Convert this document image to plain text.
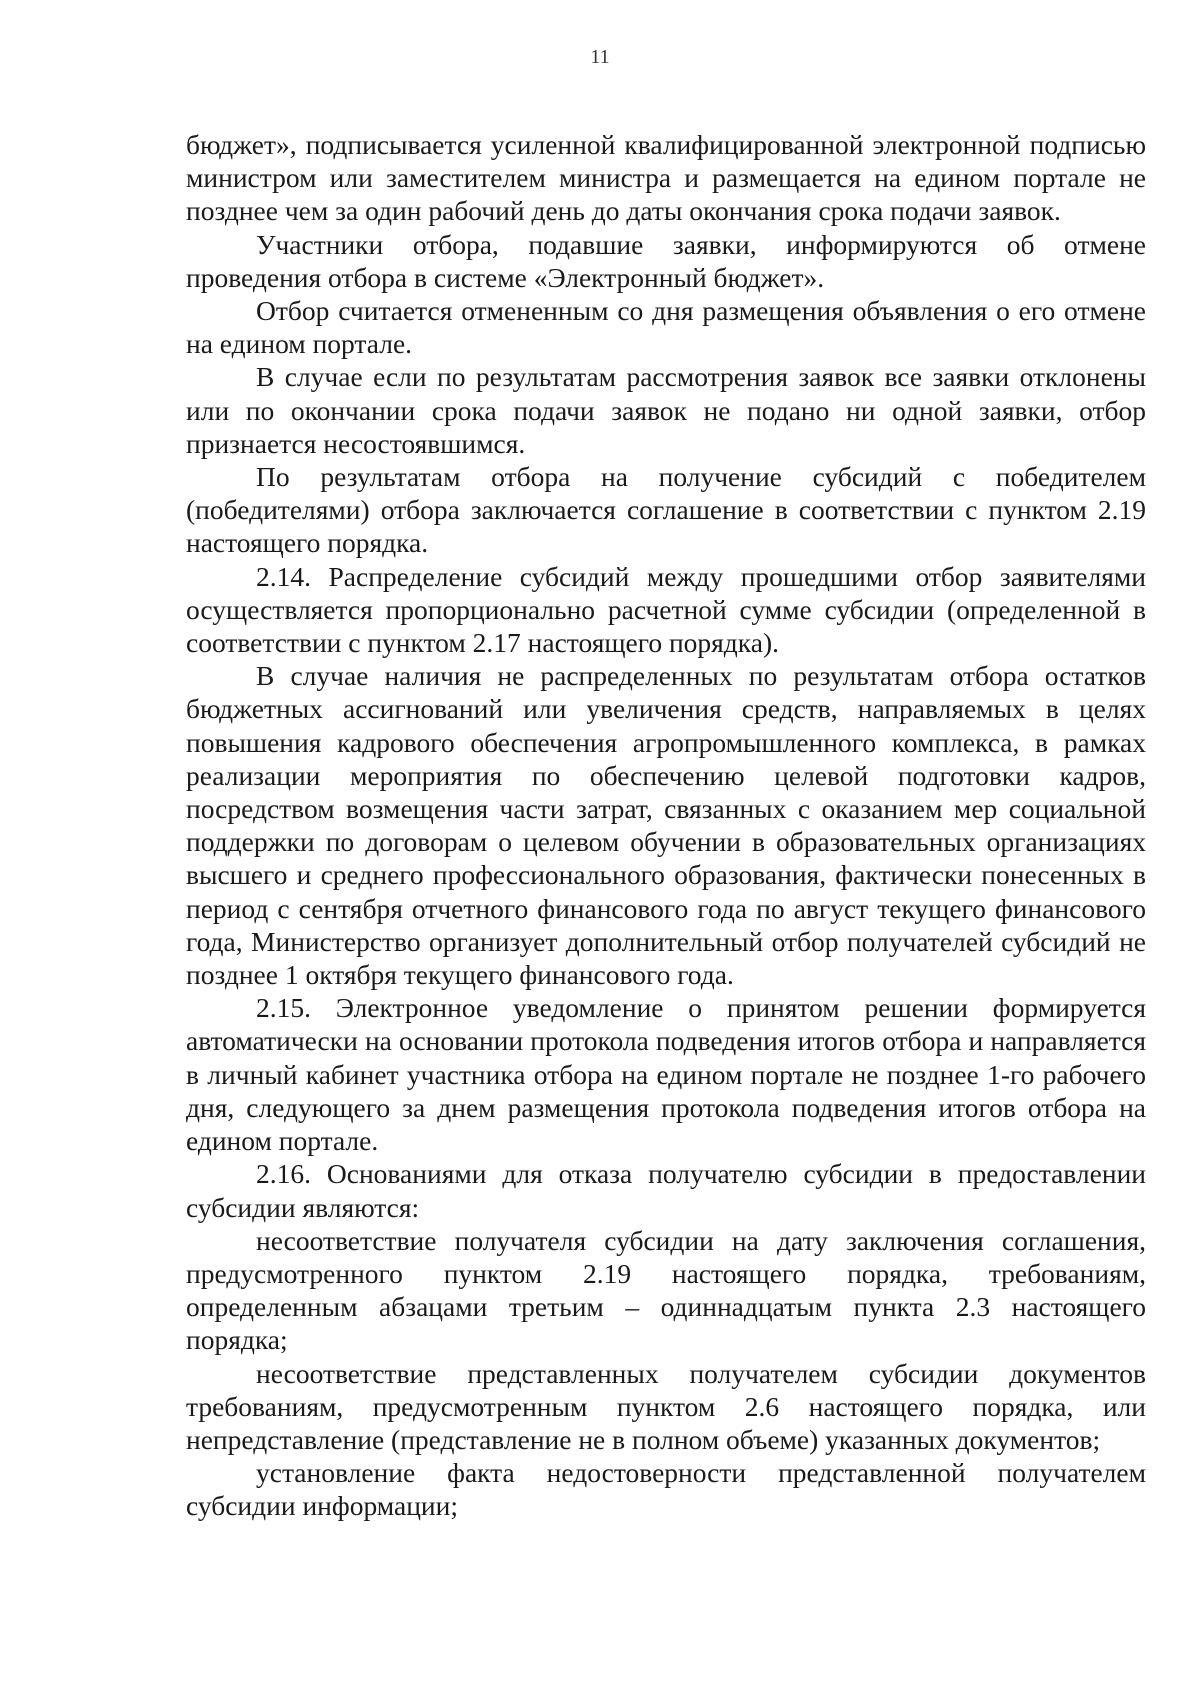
11

бюджет», подписывается усиленной квалифицированной электронной подписью министром или заместителем министра и размещается на едином портале не позднее чем за один рабочий день до даты окончания срока подачи заявок.

Участники отбора, подавшие заявки, информируются об отмене проведения отбора в системе «Электронный бюджет».

Отбор считается отмененным со дня размещения объявления о его отмене на едином портале.

В случае если по результатам рассмотрения заявок все заявки отклонены или по окончании срока подачи заявок не подано ни одной заявки, отбор признается несостоявшимся.

По результатам отбора на получение субсидий с победителем (победителями) отбора заключается соглашение в соответствии с пунктом 2.19 настоящего порядка.

2.14. Распределение субсидий между прошедшими отбор заявителями осуществляется пропорционально расчетной сумме субсидии (определенной в соответствии с пунктом 2.17 настоящего порядка).

В случае наличия не распределенных по результатам отбора остатков бюджетных ассигнований или увеличения средств, направляемых в целях повышения кадрового обеспечения агропромышленного комплекса, в рамках реализации мероприятия по обеспечению целевой подготовки кадров, посредством возмещения части затрат, связанных с оказанием мер социальной поддержки по договорам о целевом обучении в образовательных организациях высшего и среднего профессионального образования, фактически понесенных в период с сентября отчетного финансового года по август текущего финансового года, Министерство организует дополнительный отбор получателей субсидий не позднее 1 октября текущего финансового года.

2.15. Электронное уведомление о принятом решении формируется автоматически на основании протокола подведения итогов отбора и направляется в личный кабинет участника отбора на едином портале не позднее 1-го рабочего дня, следующего за днем размещения протокола подведения итогов отбора на едином портале.

2.16. Основаниями для отказа получателю субсидии в предоставлении субсидии являются:

несоответствие получателя субсидии на дату заключения соглашения, предусмотренного пунктом 2.19 настоящего порядка, требованиям, определенным абзацами третьим – одиннадцатым пункта 2.3 настоящего порядка;

несоответствие представленных получателем субсидии документов требованиям, предусмотренным пунктом 2.6 настоящего порядка, или непредставление (представление не в полном объеме) указанных документов;

установление факта недостоверности представленной получателем субсидии информации;
